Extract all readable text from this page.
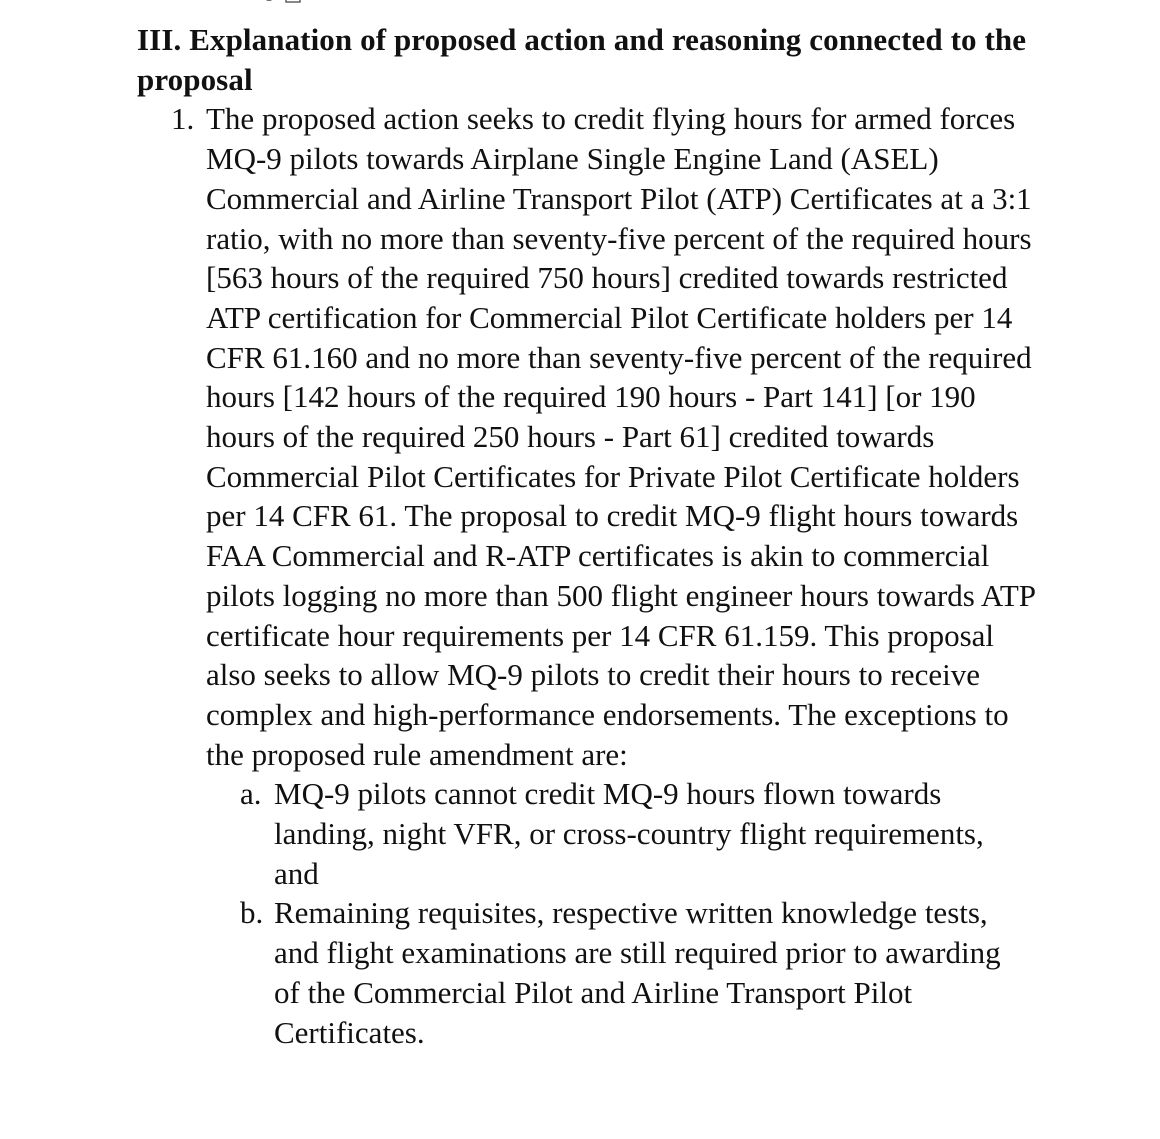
III. Explanation of proposed action and reasoning connected to the proposal
1. The proposed action seeks to credit flying hours for armed forces MQ-9 pilots towards Airplane Single Engine Land (ASEL) Commercial and Airline Transport Pilot (ATP) Certificates at a 3:1 ratio, with no more than seventy-five percent of the required hours [563 hours of the required 750 hours] credited towards restricted ATP certification for Commercial Pilot Certificate holders per 14 CFR 61.160 and no more than seventy-five percent of the required hours [142 hours of the required 190 hours - Part 141] [or 190 hours of the required 250 hours - Part 61] credited towards Commercial Pilot Certificates for Private Pilot Certificate holders per 14 CFR 61. The proposal to credit MQ-9 flight hours towards FAA Commercial and R-ATP certificates is akin to commercial pilots logging no more than 500 flight engineer hours towards ATP certificate hour requirements per 14 CFR 61.159. This proposal also seeks to allow MQ-9 pilots to credit their hours to receive complex and high-performance endorsements. The exceptions to the proposed rule amendment are:
a. MQ-9 pilots cannot credit MQ-9 hours flown towards landing, night VFR, or cross-country flight requirements, and
b. Remaining requisites, respective written knowledge tests, and flight examinations are still required prior to awarding of the Commercial Pilot and Airline Transport Pilot Certificates.
